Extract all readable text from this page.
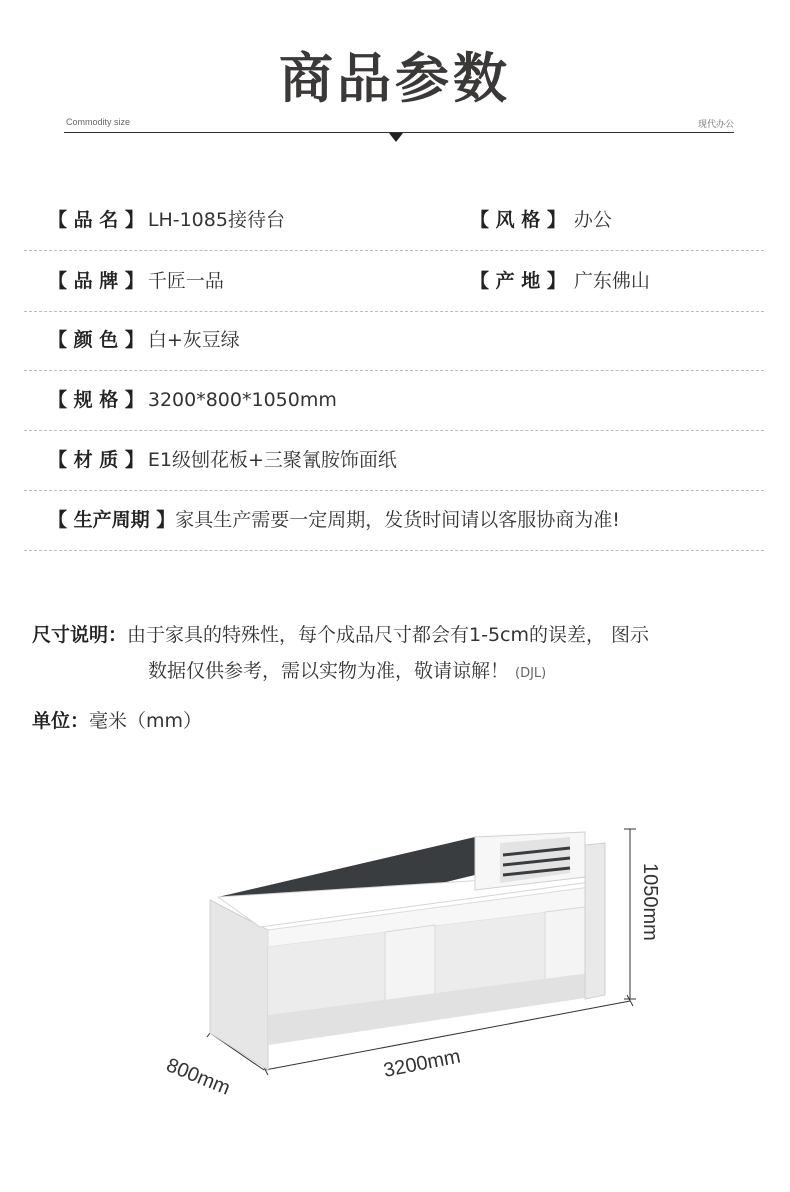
商品参数
Commodity size	现代办公
【 品 名 】 LH-1085接待台	【 风 格 】 办公
【 品 牌 】 千匠一品	【 产 地 】 广东佛山
【 颜 色 】 白+灰豆绿
【 规 格 】 3200*800*1050mm
【 材 质 】 E1级刨花板+三聚氰胺饰面纸
【 生产周期 】家具生产需要一定周期，发货时间请以客服协商为准!
尺寸说明：由于家具的特殊性，每个成品尺寸都会有1-5cm的误差， 图示
数据仅供参考，需以实物为准，敬请谅解！ (DJL)
单位：毫米（mm）
1050mm
3200mm
800mm
